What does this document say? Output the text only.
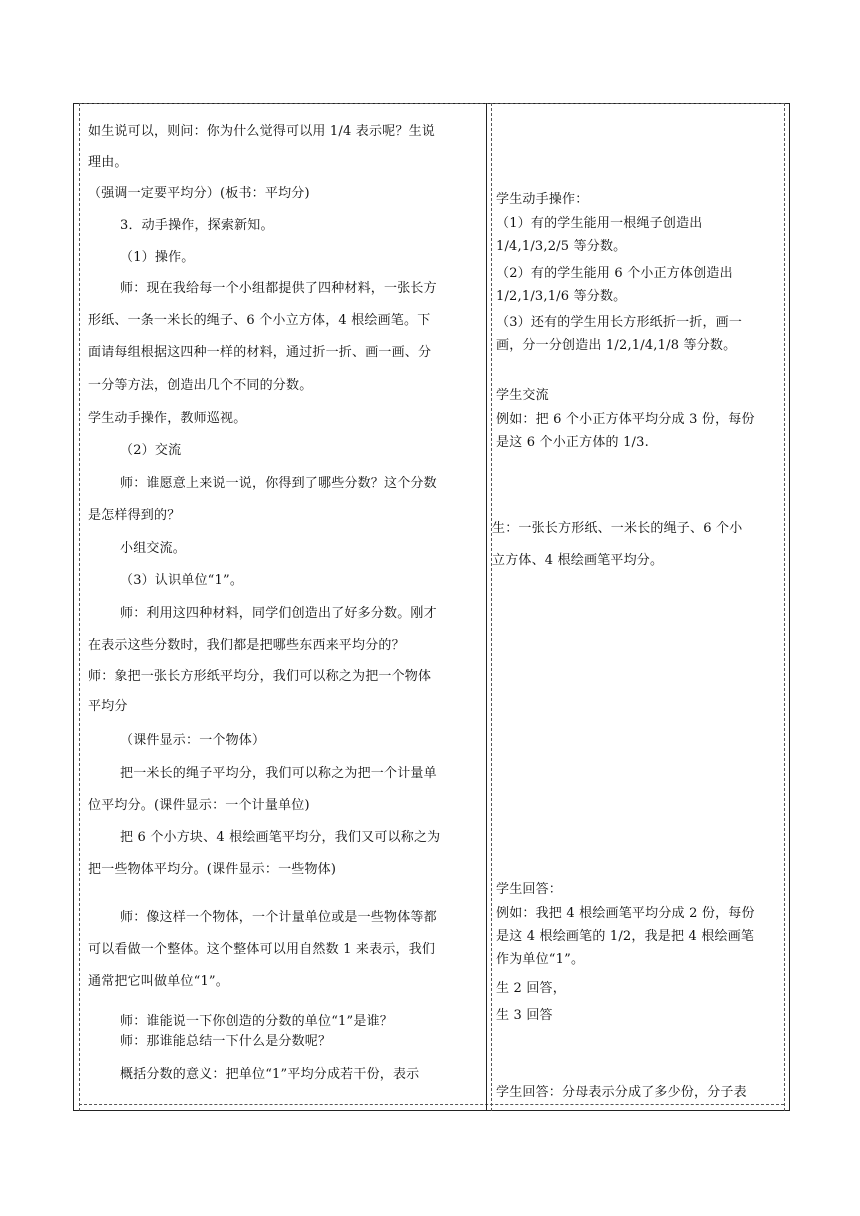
如生说可以，则问：你为什么觉得可以用 1/4 表示呢？生说
理由。
（强调一定要平均分）(板书：平均分)
3．动手操作，探索新知。
（1）操作。
师：现在我给每一个小组都提供了四种材料，一张长方
形纸、一条一米长的绳子、6 个小立方体，4 根绘画笔。下
面请每组根据这四种一样的材料，通过折一折、画一画、分
一分等方法，创造出几个不同的分数。
学生动手操作，教师巡视。
（2）交流
师：谁愿意上来说一说，你得到了哪些分数？这个分数
是怎样得到的？
小组交流。
（3）认识单位“1”。
师：利用这四种材料，同学们创造出了好多分数。刚才
在表示这些分数时，我们都是把哪些东西来平均分的？
师：象把一张长方形纸平均分，我们可以称之为把一个物体
平均分
（课件显示：一个物体）
把一米长的绳子平均分，我们可以称之为把一个计量单
位平均分。(课件显示：一个计量单位)
把 6 个小方块、4 根绘画笔平均分，我们又可以称之为
把一些物体平均分。(课件显示：一些物体)
师：像这样一个物体，一个计量单位或是一些物体等都
可以看做一个整体。这个整体可以用自然数 1 来表示，我们
通常把它叫做单位“1”。
师：谁能说一下你创造的分数的单位“1”是谁？
师：那谁能总结一下什么是分数呢？
概括分数的意义：把单位“1”平均分成若干份，表示
学生动手操作：
（1）有的学生能用一根绳子创造出
1/4,1/3,2/5 等分数。
（2）有的学生能用 6 个小正方体创造出
1/2,1/3,1/6 等分数。
（3）还有的学生用长方形纸折一折，画一
画，分一分创造出 1/2,1/4,1/8 等分数。
学生交流
例如：把 6 个小正方体平均分成 3 份，每份
是这 6 个小正方体的 1/3.
生：一张长方形纸、一米长的绳子、6 个小
立方体、4 根绘画笔平均分。
学生回答：
例如：我把 4 根绘画笔平均分成 2 份，每份
是这 4 根绘画笔的 1/2，我是把 4 根绘画笔
作为单位“1”。
生 2 回答，
生 3 回答
学生回答：分母表示分成了多少份，分子表
